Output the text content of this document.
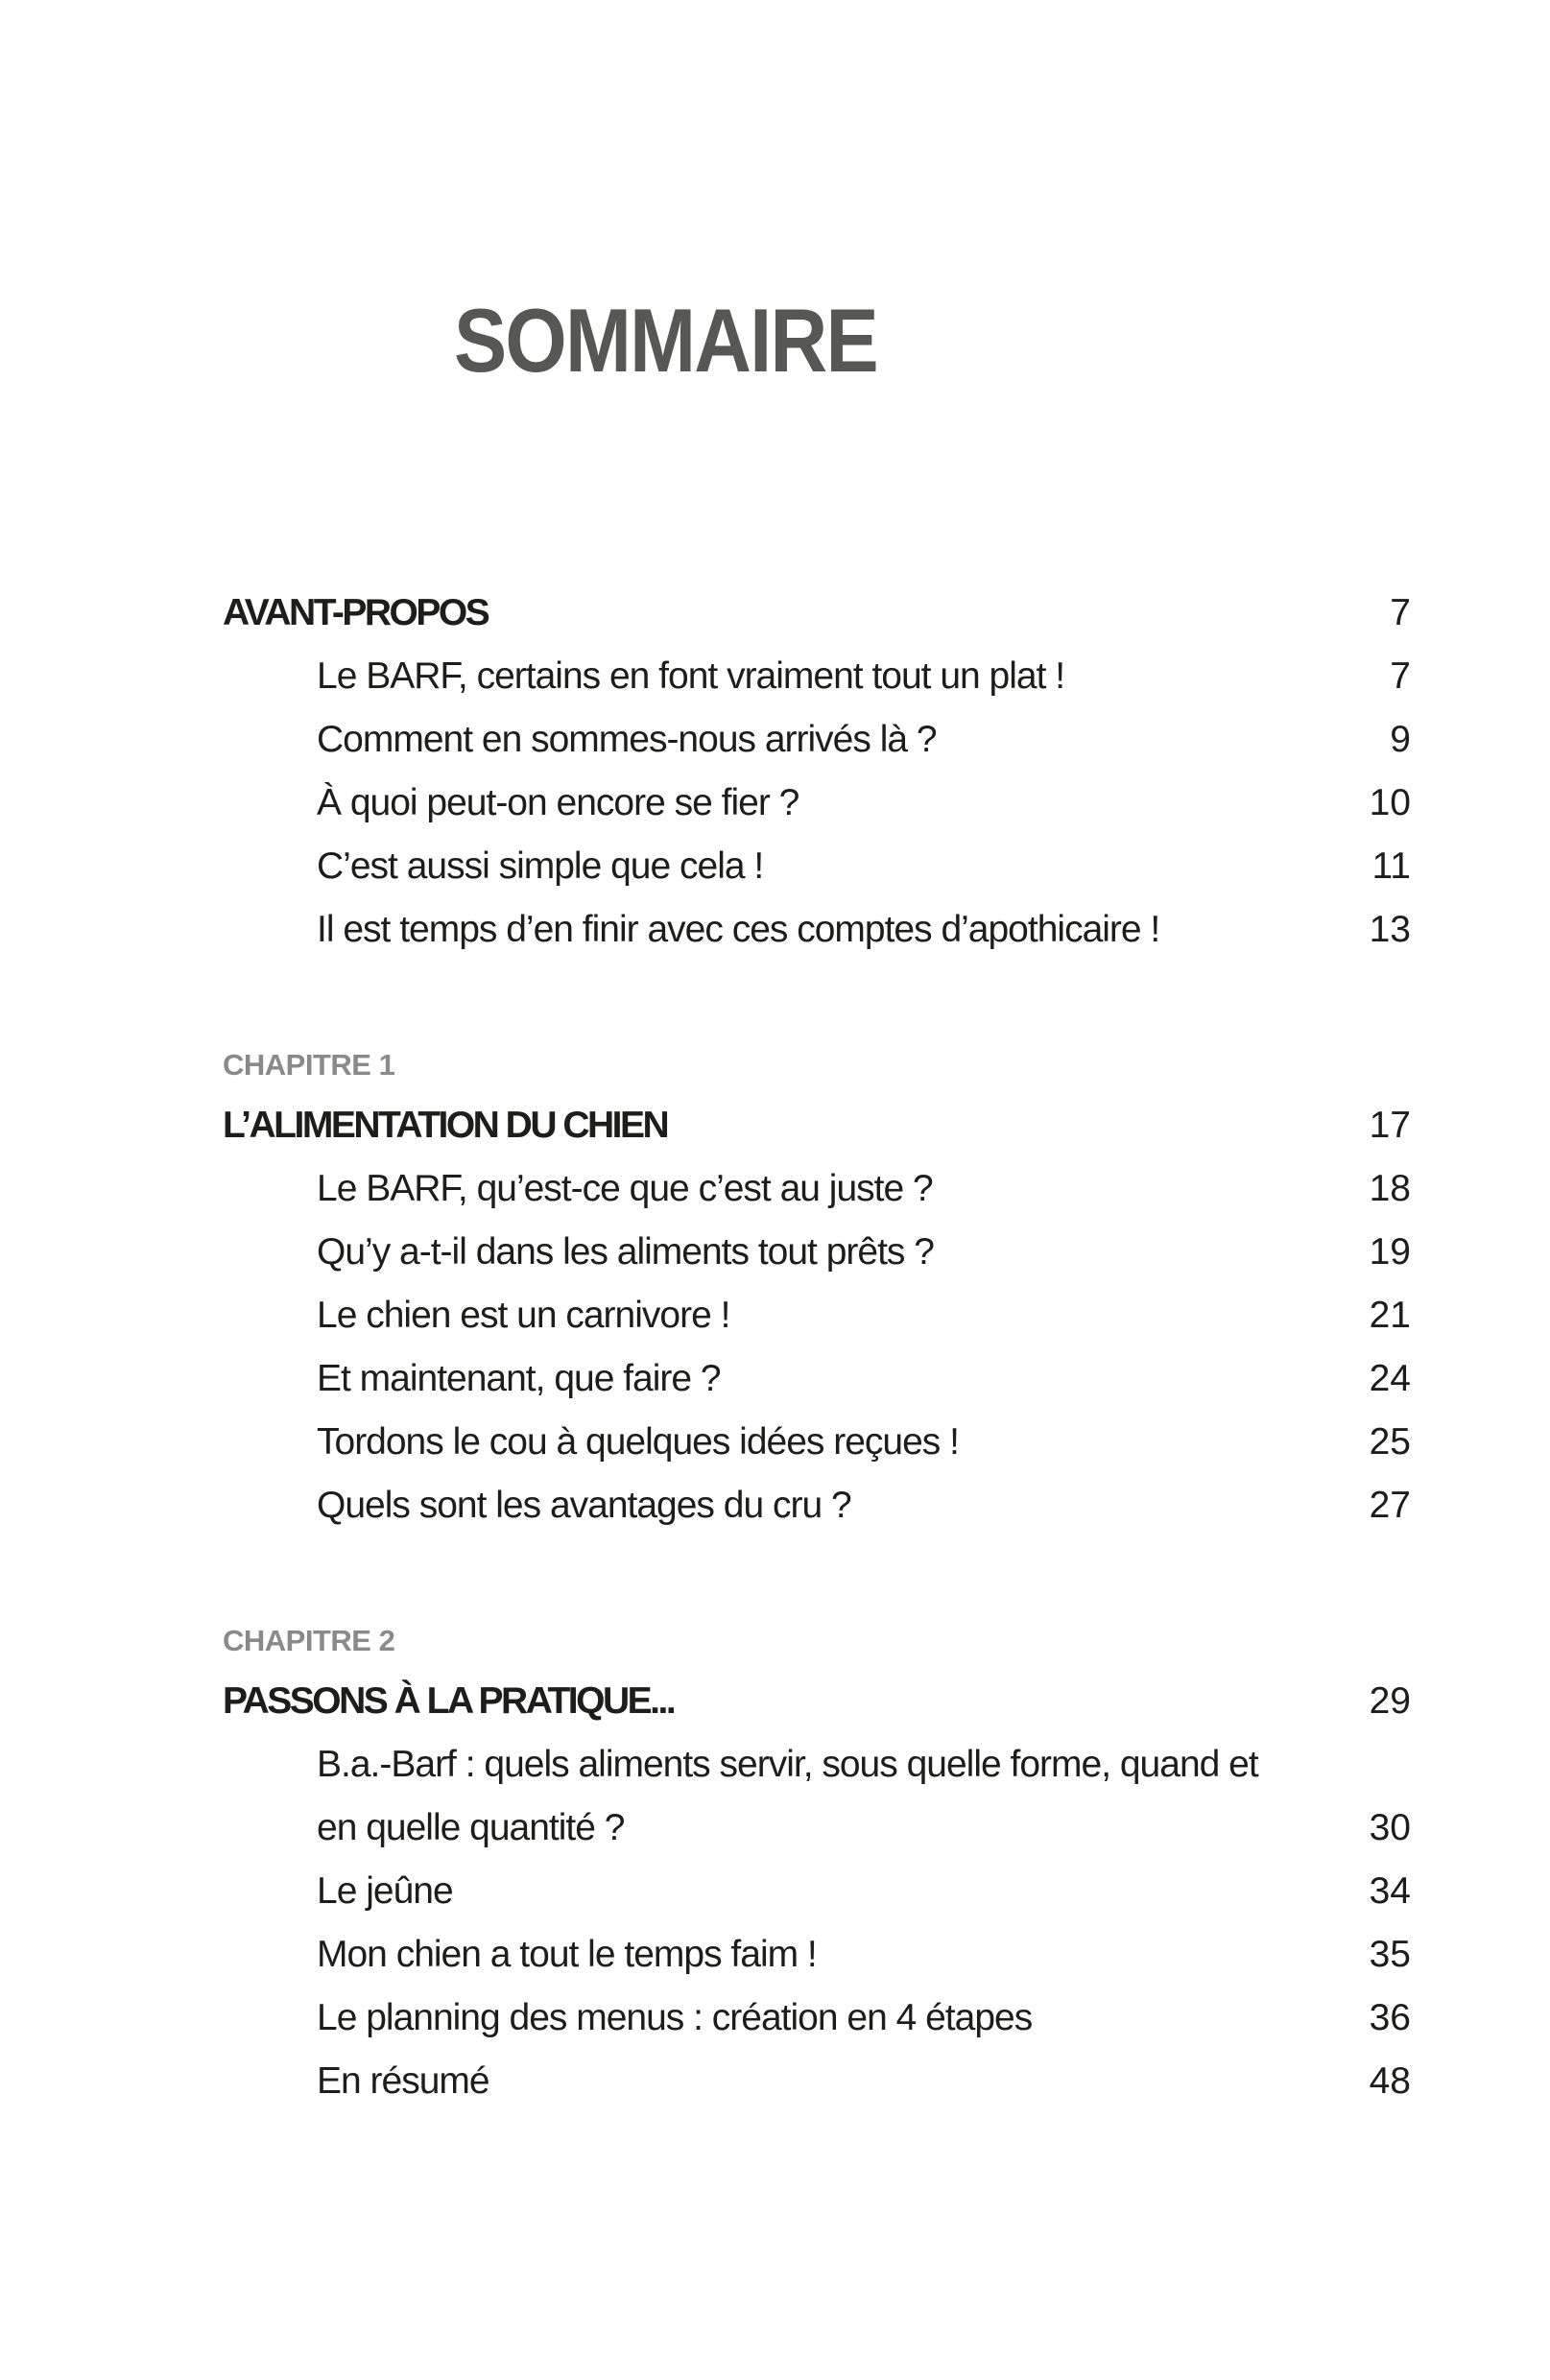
SOMMAIRE
AVANT-PROPOS	7
Le BARF, certains en font vraiment tout un plat !	7
Comment en sommes-nous arrivés là ?	9
À quoi peut-on encore se fier ?	10
C’est aussi simple que cela !	11
Il est temps d’en finir avec ces comptes d’apothicaire !	13
CHAPITRE 1
L’ALIMENTATION DU CHIEN	17
Le BARF, qu’est-ce que c’est au juste ?	18
Qu’y a-t-il dans les aliments tout prêts ?	19
Le chien est un carnivore !	21
Et maintenant, que faire ?	24
Tordons le cou à quelques idées reçues !	25
Quels sont les avantages du cru ?	27
CHAPITRE 2
PASSONS À LA PRATIQUE...	29
B.a.-Barf : quels aliments servir, sous quelle forme, quand et
en quelle quantité ?	30
Le jeûne	34
Mon chien a tout le temps faim !	35
Le planning des menus : création en 4 étapes	36
En résumé	48
